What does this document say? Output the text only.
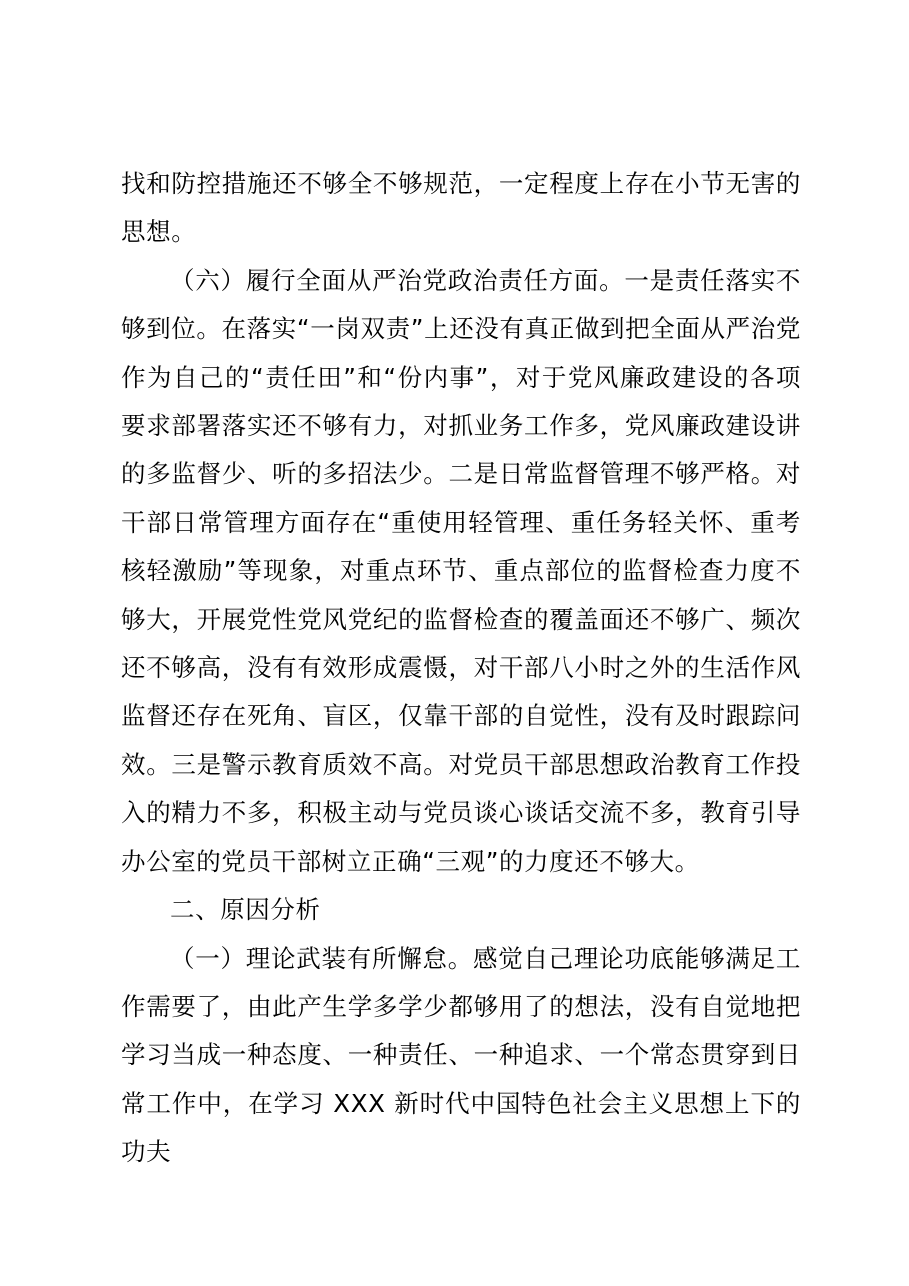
找和防控措施还不够全不够规范，一定程度上存在小节无害的思想。

（六）履行全面从严治党政治责任方面。一是责任落实不够到位。在落实“一岗双责”上还没有真正做到把全面从严治党作为自己的“责任田”和“份内事”，对于党风廉政建设的各项要求部署落实还不够有力，对抓业务工作多，党风廉政建设讲的多监督少、听的多招法少。二是日常监督管理不够严格。对干部日常管理方面存在“重使用轻管理、重任务轻关怀、重考核轻激励”等现象，对重点环节、重点部位的监督检查力度不够大，开展党性党风党纪的监督检查的覆盖面还不够广、频次还不够高，没有有效形成震慑，对干部八小时之外的生活作风监督还存在死角、盲区，仅靠干部的自觉性，没有及时跟踪问效。三是警示教育质效不高。对党员干部思想政治教育工作投入的精力不多，积极主动与党员谈心谈话交流不多，教育引导办公室的党员干部树立正确“三观”的力度还不够大。

二、原因分析

（一）理论武装有所懈怠。感觉自己理论功底能够满足工作需要了，由此产生学多学少都够用了的想法，没有自觉地把学习当成一种态度、一种责任、一种追求、一个常态贯穿到日常工作中，在学习 XXX 新时代中国特色社会主义思想上下的功夫
